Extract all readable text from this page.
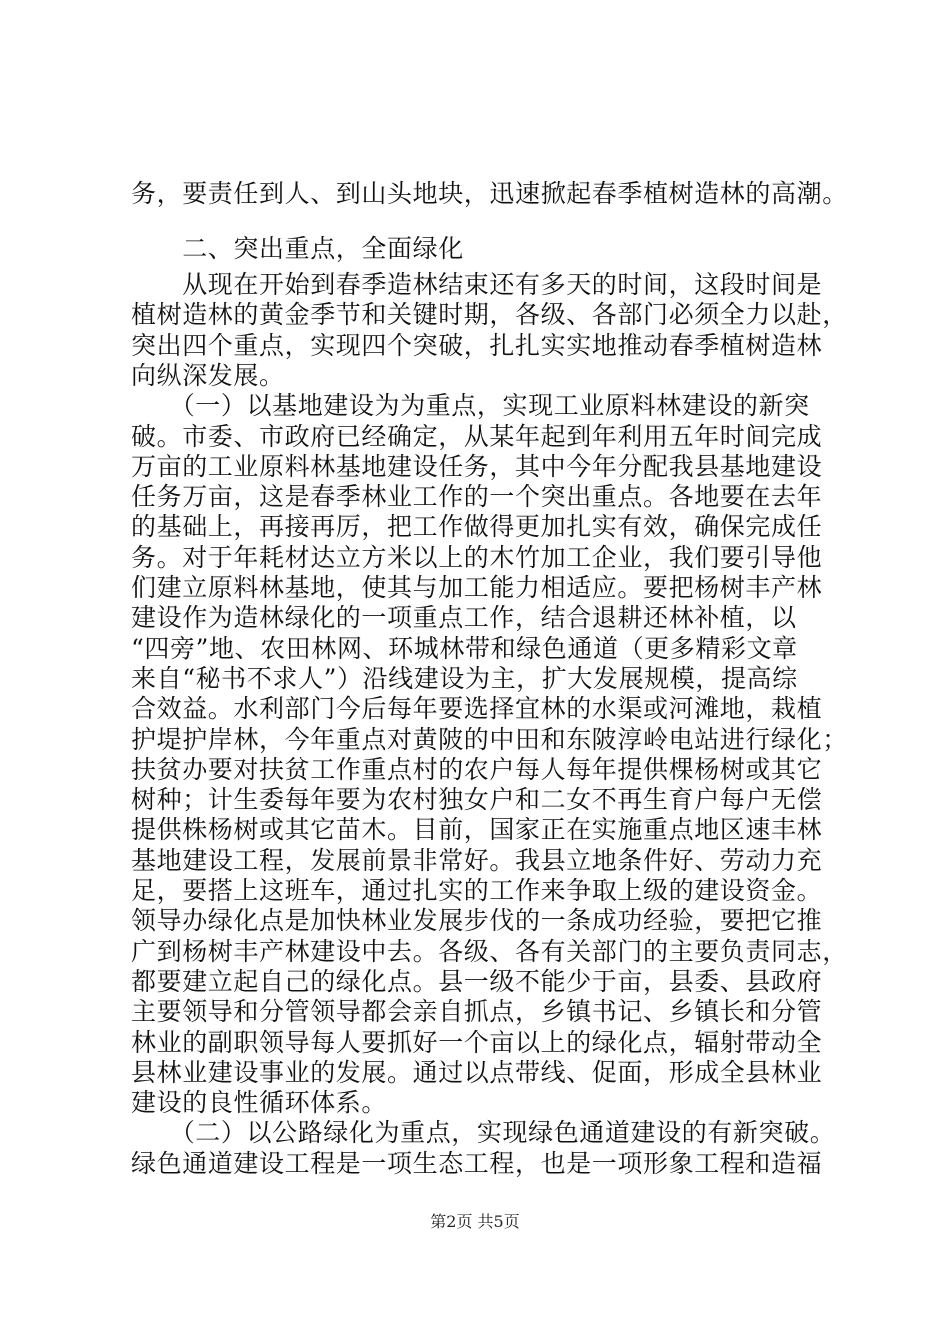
务，要责任到人、到山头地块，迅速掀起春季植树造林的高潮。
　　二、突出重点，全面绿化
　　从现在开始到春季造林结束还有多天的时间，这段时间是
植树造林的黄金季节和关键时期，各级、各部门必须全力以赴，
突出四个重点，实现四个突破，扎扎实实地推动春季植树造林
向纵深发展。
　　（一）以基地建设为为重点，实现工业原料林建设的新突
破。市委、市政府已经确定，从某年起到年利用五年时间完成
万亩的工业原料林基地建设任务，其中今年分配我县基地建设
任务万亩，这是春季林业工作的一个突出重点。各地要在去年
的基础上，再接再厉，把工作做得更加扎实有效，确保完成任
务。对于年耗材达立方米以上的木竹加工企业，我们要引导他
们建立原料林基地，使其与加工能力相适应。要把杨树丰产林
建设作为造林绿化的一项重点工作，结合退耕还林补植，以
“四旁”地、农田林网、环城林带和绿色通道（更多精彩文章
来自“秘书不求人”）沿线建设为主，扩大发展规模，提高综
合效益。水利部门今后每年要选择宜林的水渠或河滩地，栽植
护堤护岸林，今年重点对黄陂的中田和东陂淳岭电站进行绿化；
扶贫办要对扶贫工作重点村的农户每人每年提供棵杨树或其它
树种；计生委每年要为农村独女户和二女不再生育户每户无偿
提供株杨树或其它苗木。目前，国家正在实施重点地区速丰林
基地建设工程，发展前景非常好。我县立地条件好、劳动力充
足，要搭上这班车，通过扎实的工作来争取上级的建设资金。
领导办绿化点是加快林业发展步伐的一条成功经验，要把它推
广到杨树丰产林建设中去。各级、各有关部门的主要负责同志，
都要建立起自己的绿化点。县一级不能少于亩，县委、县政府
主要领导和分管领导都会亲自抓点，乡镇书记、乡镇长和分管
林业的副职领导每人要抓好一个亩以上的绿化点，辐射带动全
县林业建设事业的发展。通过以点带线、促面，形成全县林业
建设的良性循环体系。
　　（二）以公路绿化为重点，实现绿色通道建设的有新突破。
绿色通道建设工程是一项生态工程，也是一项形象工程和造福
第2页 共5页
